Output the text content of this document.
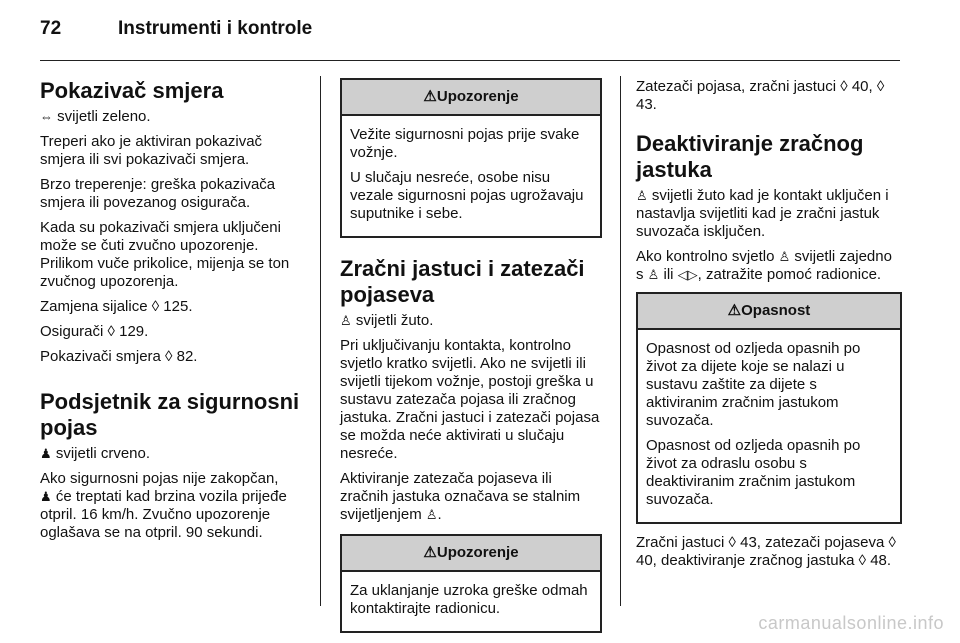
72	Instrumenti i kontrole
Pokazivač smjera

⇔ svijetli zeleno.

Treperi ako je aktiviran pokazivač smjera ili svi pokazivači smjera.

Brzo treperenje: greška pokazivača smjera ili povezanog osigurača.

Kada su pokazivači smjera uključeni može se čuti zvučno upozorenje. Prilikom vuče prikolice, mijenja se ton zvučnog upozorenja.

Zamjena sijalice ◊ 125.

Osigurači ◊ 129.

Pokazivači smjera ◊ 82.

Podsjetnik za sigurnosni pojas

♟ svijetli crveno.

Ako sigurnosni pojas nije zakopčan,
♟ će treptati kad brzina vozila prijeđe otpril. 16 km/h. Zvučno upozorenje oglašava se na otpril. 90 sekundi.

⚠Upozorenje

Vežite sigurnosni pojas prije svake vožnje.

U slučaju nesreće, osobe nisu vezale sigurnosni pojas ugrožavaju suputnike i sebe.

Zračni jastuci i zatezači pojaseva

♙ svijetli žuto.

Pri uključivanju kontakta, kontrolno svjetlo kratko svijetli. Ako ne svijetli ili svijetli tijekom vožnje, postoji greška u sustavu zatezača pojasa ili zračnog jastuka. Zračni jastuci i zatezači pojasa se možda neće aktivirati u slučaju nesreće.

Aktiviranje zatezača pojaseva ili zračnih jastuka označava se stalnim svijetljenjem ♙.

⚠Upozorenje

Za uklanjanje uzroka greške odmah kontaktirajte radionicu.

Zatezači pojasa, zračni jastuci ◊ 40, ◊ 43.

Deaktiviranje zračnog jastuka

♙ svijetli žuto kad je kontakt uključen i nastavlja svijetliti kad je zračni jastuk suvozača isključen.

Ako kontrolno svjetlo ♙ svijetli zajedno s ♙ ili ◁▷, zatražite pomoć radionice.

⚠Opasnost

Opasnost od ozljeda opasnih po život za dijete koje se nalazi u sustavu zaštite za dijete s aktiviranim zračnim jastukom suvozača.

Opasnost od ozljeda opasnih po život za odraslu osobu s deaktiviranim zračnim jastukom suvozača.

Zračni jastuci ◊ 43, zatezači pojaseva ◊ 40, deaktiviranje zračnog jastuka ◊ 48.

carmanualsonline.info
